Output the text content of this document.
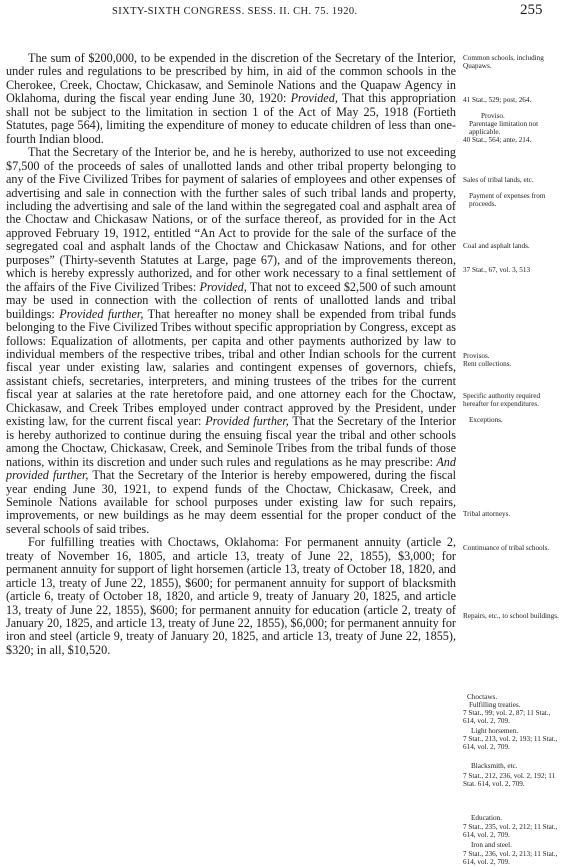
SIXTY-SIXTH CONGRESS. SESS. II. CH. 75. 1920.	255

The sum of $200,000, to be expended in the discretion of the Secretary of the Interior, under rules and regulations to be prescribed by him, in aid of the common schools in the Cherokee, Creek, Choctaw, Chickasaw, and Seminole Nations and the Quapaw Agency in Oklahoma, during the fiscal year ending June 30, 1920: Provided, That this appropriation shall not be subject to the limitation in section 1 of the Act of May 25, 1918 (Fortieth Statutes, page 564), limiting the expenditure of money to educate children of less than one-fourth Indian blood.

That the Secretary of the Interior be, and he is hereby, authorized to use not exceeding $7,500 of the proceeds of sales of unallotted lands and other tribal property belonging to any of the Five Civilized Tribes for payment of salaries of employees and other expenses of advertising and sale in connection with the further sales of such tribal lands and property, including the advertising and sale of the land within the segregated coal and asphalt area of the Choctaw and Chickasaw Nations, or of the surface thereof, as provided for in the Act approved February 19, 1912, entitled “An Act to provide for the sale of the surface of the segregated coal and asphalt lands of the Choctaw and Chickasaw Nations, and for other purposes” (Thirty-seventh Statutes at Large, page 67), and of the improvements thereon, which is hereby expressly authorized, and for other work necessary to a final settlement of the affairs of the Five Civilized Tribes: Provided, That not to exceed $2,500 of such amount may be used in connection with the collection of rents of unallotted lands and tribal buildings: Provided further, That hereafter no money shall be expended from tribal funds belonging to the Five Civilized Tribes without specific appropriation by Congress, except as follows: Equalization of allotments, per capita and other payments authorized by law to individual members of the respective tribes, tribal and other Indian schools for the current fiscal year under existing law, salaries and contingent expenses of governors, chiefs, assistant chiefs, secretaries, interpreters, and mining trustees of the tribes for the current fiscal year at salaries at the rate heretofore paid, and one attorney each for the Choctaw, Chickasaw, and Creek Tribes employed under contract approved by the President, under existing law, for the current fiscal year: Provided further, That the Secretary of the Interior is hereby authorized to continue during the ensuing fiscal year the tribal and other schools among the Choctaw, Chickasaw, Creek, and Seminole Tribes from the tribal funds of those nations, within its discretion and under such rules and regulations as he may prescribe: And provided further, That the Secretary of the Interior is hereby empowered, during the fiscal year ending June 30, 1921, to expend funds of the Choctaw, Chickasaw, Creek, and Seminole Nations available for school purposes under existing law for such repairs, improvements, or new buildings as he may deem essential for the proper conduct of the several schools of said tribes.

For fulfilling treaties with Choctaws, Oklahoma: For permanent annuity (article 2, treaty of November 16, 1805, and article 13, treaty of June 22, 1855), $3,000; for permanent annuity for support of light horsemen (article 13, treaty of October 18, 1820, and article 13, treaty of June 22, 1855), $600; for permanent annuity for support of blacksmith (article 6, treaty of October 18, 1820, and article 9, treaty of January 20, 1825, and article 13, treaty of June 22, 1855), $600; for permanent annuity for education (article 2, treaty of January 20, 1825, and article 13, treaty of June 22, 1855), $6,000; for permanent annuity for iron and steel (article 9, treaty of January 20, 1825, and article 13, treaty of June 22, 1855), $320; in all, $10,520.

Common schools, including Quapaws.
41 Stat., 529; post, 264.
Proviso.
Parentage limitation not applicable.
40 Stat., 564; ante, 214.
Sales of tribal lands, etc.
Payment of expenses from proceeds.
Coal and asphalt lands.
37 Stat., 67, vol. 3, 513
Provisos.
Rent collections.
Specific authority required hereafter for expenditures.
Exceptions.
Tribal attorneys.
Continuance of tribal schools.
Repairs, etc., to school buildings.
Choctaws.
Fulfilling treaties.
7 Stat., 99; vol. 2, 87; 11 Stat., 614, vol. 2, 709.
Light horsemen.
7 Stat., 213, vol. 2, 193; 11 Stat., 614, vol. 2, 709.
Blacksmith, etc.
7 Stat., 212, 236, vol. 2, 192; 11 Stat. 614, vol. 2, 709.
Education.
7 Stat., 235, vol. 2, 212; 11 Stat., 614, vol. 2, 709.
Iron and steel.
7 Stat., 236, vol. 2, 213; 11 Stat., 614, vol. 2, 709.
